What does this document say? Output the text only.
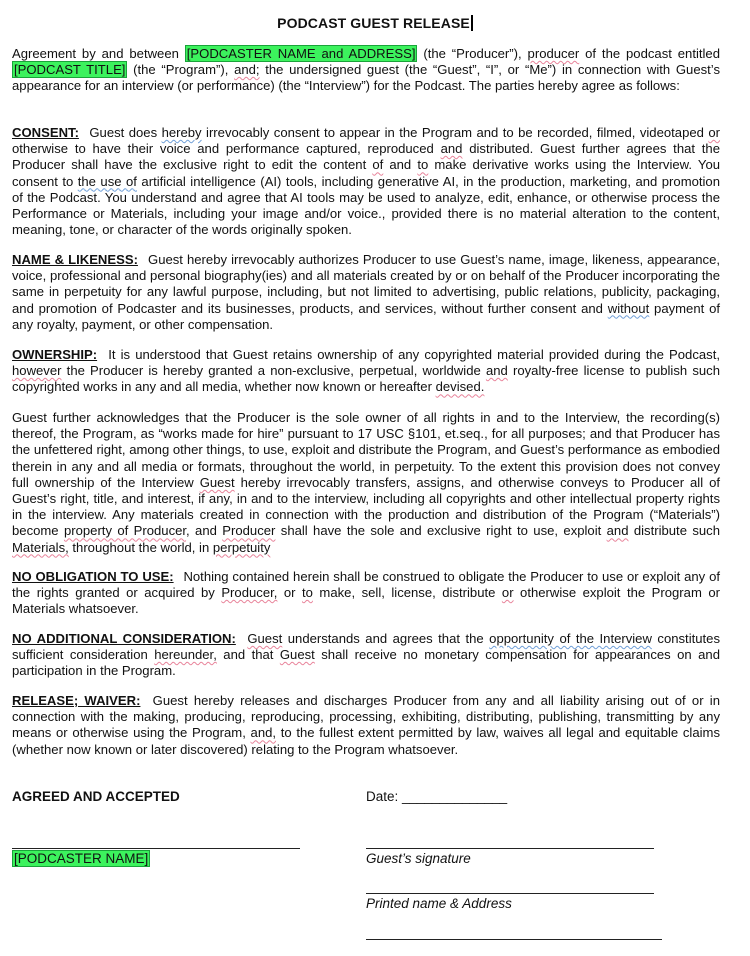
PODCAST GUEST RELEASE
Agreement by and between [PODCASTER NAME and ADDRESS] (the “Producer”), producer of the podcast entitled [PODCAST TITLE] (the “Program”), and; the undersigned guest (the “Guest”, “I”, or “Me”) in connection with Guest’s appearance for an interview (or performance) (the “Interview”) for the Podcast. The parties hereby agree as follows:
CONSENT: Guest does hereby irrevocably consent to appear in the Program and to be recorded, filmed, videotaped or otherwise to have their voice and performance captured, reproduced and distributed. Guest further agrees that the Producer shall have the exclusive right to edit the content of and to make derivative works using the Interview. You consent to the use of artificial intelligence (AI) tools, including generative AI, in the production, marketing, and promotion of the Podcast. You understand and agree that AI tools may be used to analyze, edit, enhance, or otherwise process the Performance or Materials, including your image and/or voice., provided there is no material alteration to the content, meaning, tone, or character of the words originally spoken.
NAME & LIKENESS: Guest hereby irrevocably authorizes Producer to use Guest’s name, image, likeness, appearance, voice, professional and personal biography(ies) and all materials created by or on behalf of the Producer incorporating the same in perpetuity for any lawful purpose, including, but not limited to advertising, public relations, publicity, packaging, and promotion of Podcaster and its businesses, products, and services, without further consent and without payment of any royalty, payment, or other compensation.
OWNERSHIP: It is understood that Guest retains ownership of any copyrighted material provided during the Podcast, however the Producer is hereby granted a non-exclusive, perpetual, worldwide and royalty-free license to publish such copyrighted works in any and all media, whether now known or hereafter devised.
Guest further acknowledges that the Producer is the sole owner of all rights in and to the Interview, the recording(s) thereof, the Program, as “works made for hire” pursuant to 17 USC §101, et.seq., for all purposes; and that Producer has the unfettered right, among other things, to use, exploit and distribute the Program, and Guest’s performance as embodied therein in any and all media or formats, throughout the world, in perpetuity. To the extent this provision does not convey full ownership of the Interview Guest hereby irrevocably transfers, assigns, and otherwise conveys to Producer all of Guest’s right, title, and interest, if any, in and to the interview, including all copyrights and other intellectual property rights in the interview. Any materials created in connection with the production and distribution of the Program (“Materials”) become property of Producer, and Producer shall have the sole and exclusive right to use, exploit and distribute such Materials, throughout the world, in perpetuity
NO OBLIGATION TO USE: Nothing contained herein shall be construed to obligate the Producer to use or exploit any of the rights granted or acquired by Producer, or to make, sell, license, distribute or otherwise exploit the Program or Materials whatsoever.
NO ADDITIONAL CONSIDERATION: Guest understands and agrees that the opportunity of the Interview constitutes sufficient consideration hereunder, and that Guest shall receive no monetary compensation for appearances on and participation in the Program.
RELEASE; WAIVER: Guest hereby releases and discharges Producer from any and all liability arising out of or in connection with the making, producing, reproducing, processing, exhibiting, distributing, publishing, transmitting by any means or otherwise using the Program, and, to the fullest extent permitted by law, waives all legal and equitable claims (whether now known or later discovered) relating to the Program whatsoever.
AGREED AND ACCEPTED	Date: ______________
[PODCASTER NAME]	Guest’s signature
Printed name & Address
